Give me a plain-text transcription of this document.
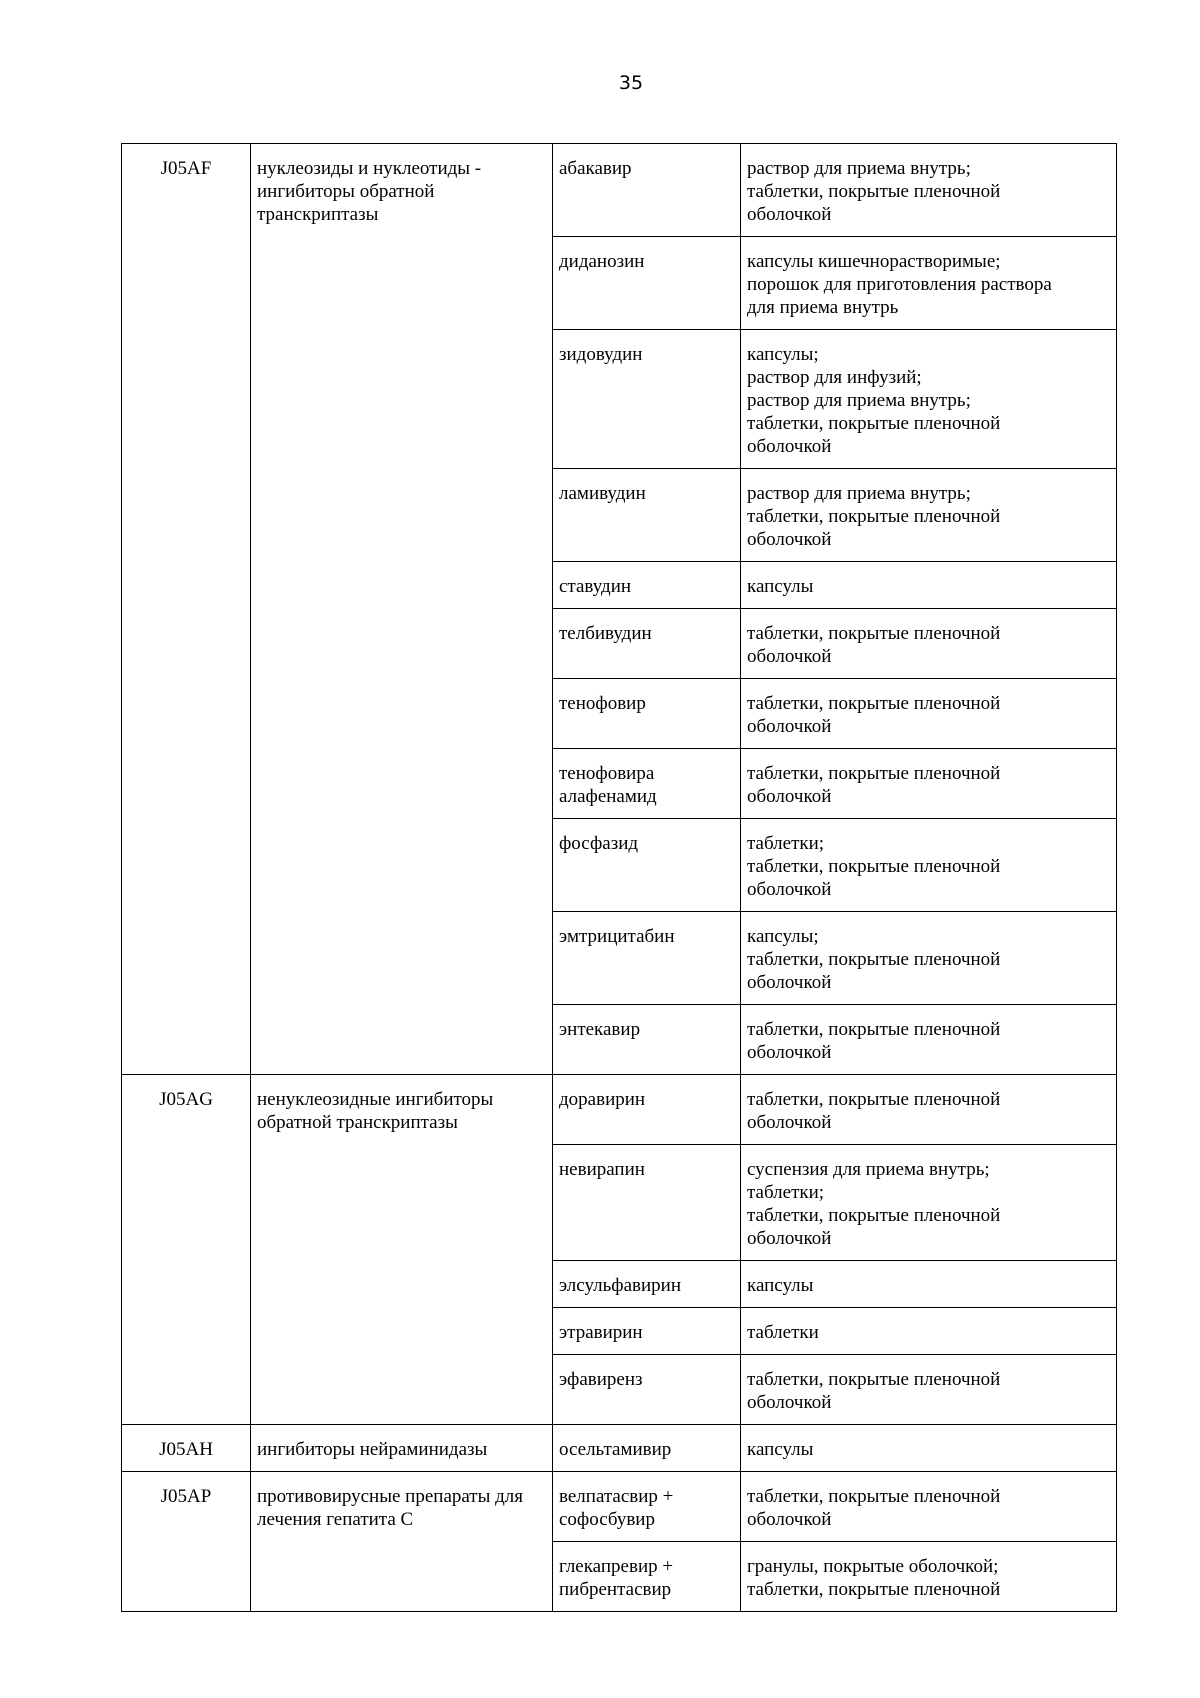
35
J05AF	нуклеозиды и нуклеотиды -
ингибиторы обратной
транскриптазы	абакавир	раствор для приема внутрь;
таблетки, покрытые пленочной
оболочкой

		диданозин	капсулы кишечнорастворимые;
порошок для приготовления раствора
для приема внутрь

		зидовудин	капсулы;
раствор для инфузий;
раствор для приема внутрь;
таблетки, покрытые пленочной
оболочкой

		ламивудин	раствор для приема внутрь;
таблетки, покрытые пленочной
оболочкой

		ставудин	капсулы

		телбивудин	таблетки, покрытые пленочной
оболочкой

		тенофовир	таблетки, покрытые пленочной
оболочкой

		тенофовира
алафенамид	таблетки, покрытые пленочной
оболочкой

		фосфазид	таблетки;
таблетки, покрытые пленочной
оболочкой

		эмтрицитабин	капсулы;
таблетки, покрытые пленочной
оболочкой

		энтекавир	таблетки, покрытые пленочной
оболочкой

J05AG	ненуклеозидные ингибиторы
обратной транскриптазы	доравирин	таблетки, покрытые пленочной
оболочкой

		невирапин	суспензия для приема внутрь;
таблетки;
таблетки, покрытые пленочной
оболочкой

		элсульфавирин	капсулы

		этравирин	таблетки

		эфавиренз	таблетки, покрытые пленочной
оболочкой

J05AH	ингибиторы нейраминидазы	осельтамивир	капсулы

J05AP	противовирусные препараты для
лечения гепатита C	велпатасвир +
софосбувир	таблетки, покрытые пленочной
оболочкой

		глекапревир +
пибрентасвир	гранулы, покрытые оболочкой;
таблетки, покрытые пленочной
